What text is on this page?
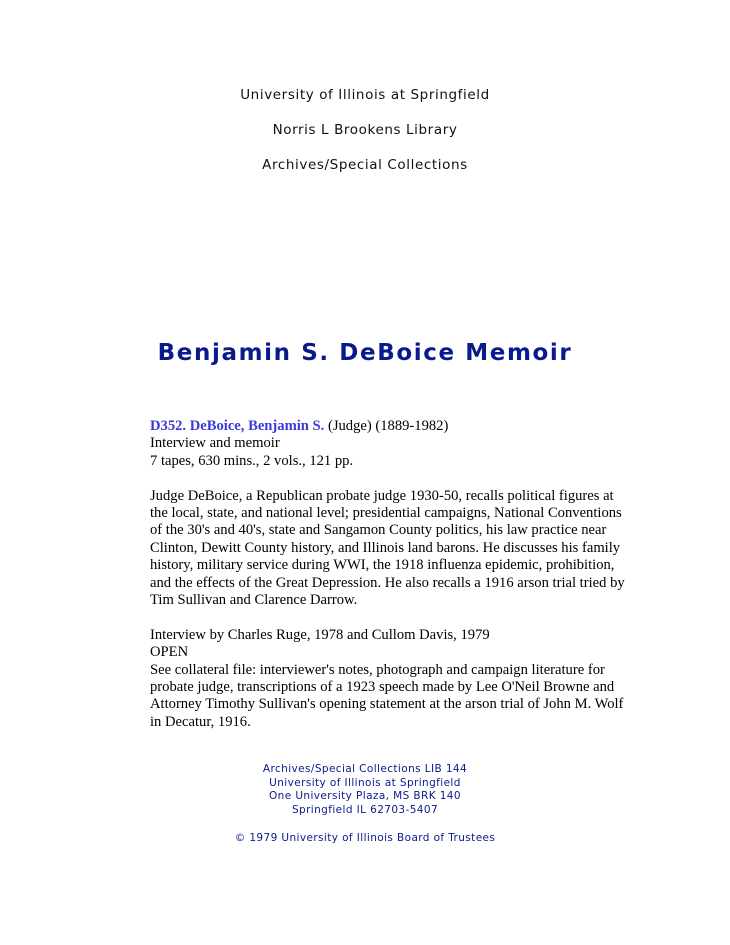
University of Illinois at Springfield
Norris L Brookens Library
Archives/Special Collections
Benjamin S. DeBoice Memoir

D352. DeBoice, Benjamin S. (Judge) (1889-1982)

Interview and memoir

7 tapes, 630 mins., 2 vols., 121 pp.

Judge DeBoice, a Republican probate judge 1930-50, recalls political figures at the local, state, and national level; presidential campaigns, National Conventions of the 30's and 40's, state and Sangamon County politics, his law practice near Clinton, Dewitt County history, and Illinois land barons. He discusses his family history, military service during WWI, the 1918 influenza epidemic, prohibition, and the effects of the Great Depression. He also recalls a 1916 arson trial tried by Tim Sullivan and Clarence Darrow.

Interview by Charles Ruge, 1978 and Cullom Davis, 1979

OPEN

See collateral file: interviewer's notes, photograph and campaign literature for probate judge, transcriptions of a 1923 speech made by Lee O'Neil Browne and Attorney Timothy Sullivan's opening statement at the arson trial of John M. Wolf in Decatur, 1916.

Archives/Special Collections LIB 144
University of Illinois at Springfield
One University Plaza, MS BRK 140
Springfield IL 62703-5407
© 1979 University of Illinois Board of Trustees
